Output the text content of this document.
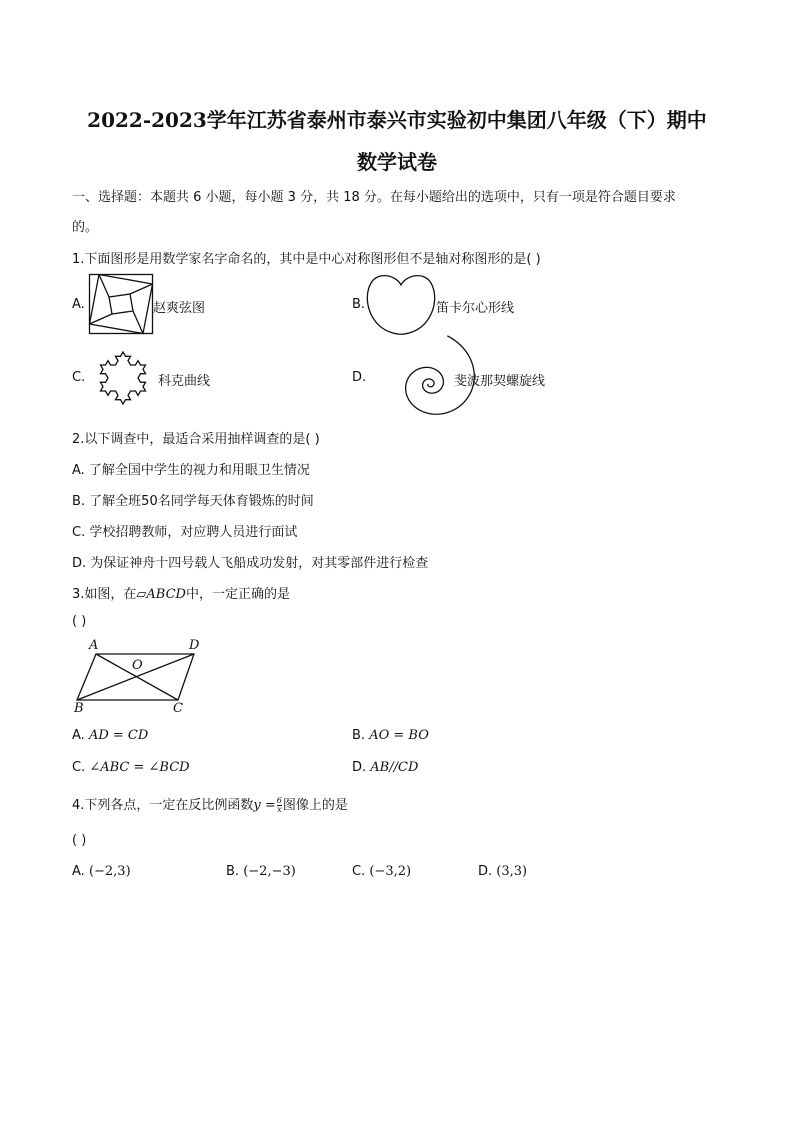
2022-2023学年江苏省泰州市泰兴市实验初中集团八年级（下）期中
数学试卷
一、选择题：本题共 6 小题，每小题 3 分，共 18 分。在每小题给出的选项中，只有一项是符合题目要求
的。
1.下面图形是用数学家名字命名的，其中是中心对称图形但不是轴对称图形的是( )
A.	赵爽弦图	B.	笛卡尔心形线
C.	科克曲线	D.	斐波那契螺旋线
2.以下调查中，最适合采用抽样调查的是( )
A. 了解全国中学生的视力和用眼卫生情况
B. 了解全班50名同学每天体育锻炼的时间
C. 学校招聘教师，对应聘人员进行面试
D. 为保证神舟十四号载人飞船成功发射，对其零部件进行检查
3.如图，在▱ABCD中，一定正确的是
( )
A	D
O
B	C
A. AD = CD	B. AO = BO
C. ∠ABC = ∠BCD	D. AB//CD
4.下列各点，一定在反比例函数$y = \frac{6}{x}$ 图像上的是
( )
A. (−2,3)	B. (−2,−3)	C. (−3,2)	D. (3,3)
